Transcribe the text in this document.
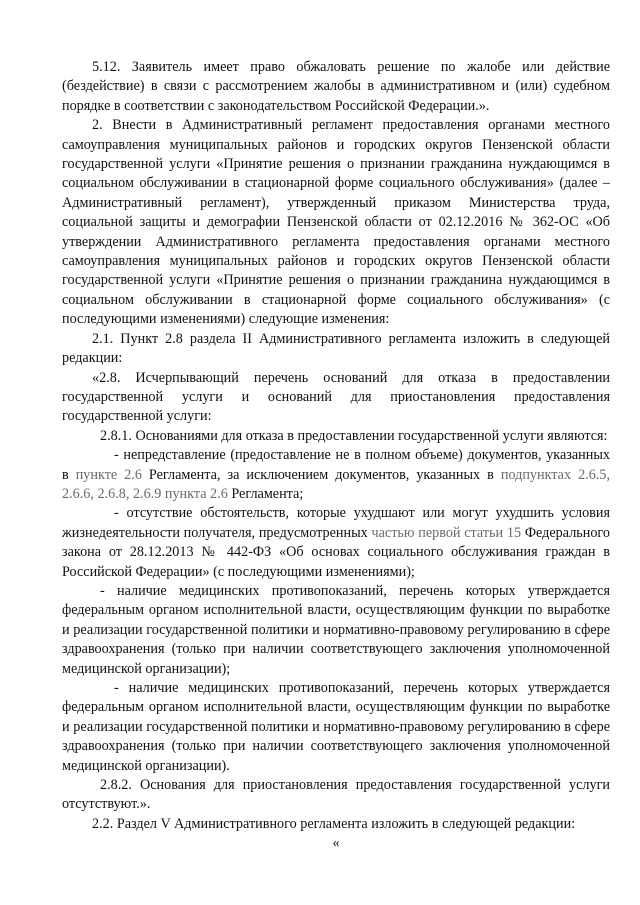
5.12. Заявитель имеет право обжаловать решение по жалобе или действие (бездействие) в связи с рассмотрением жалобы в административном и (или) судебном порядке в соответствии с законодательством Российской Федерации.».

2. Внести в Административный регламент предоставления органами местного самоуправления муниципальных районов и городских округов Пензенской области государственной услуги «Принятие решения о признании гражданина нуждающимся в социальном обслуживании в стационарной форме социального обслуживания» (далее – Административный регламент), утвержденный приказом Министерства труда, социальной защиты и демографии Пензенской области от 02.12.2016 № 362-ОС «Об утверждении Административного регламента предоставления органами местного самоуправления муниципальных районов и городских округов Пензенской области государственной услуги «Принятие решения о признании гражданина нуждающимся в социальном обслуживании в стационарной форме социального обслуживания» (с последующими изменениями) следующие изменения:

2.1. Пункт 2.8 раздела II Административного регламента изложить в следующей редакции:

«2.8. Исчерпывающий перечень оснований для отказа в предоставлении государственной услуги и оснований для приостановления предоставления государственной услуги:

2.8.1. Основаниями для отказа в предоставлении государственной услуги являются:

- непредставление (предоставление не в полном объеме) документов, указанных в пункте 2.6 Регламента, за исключением документов, указанных в подпунктах 2.6.5, 2.6.6, 2.6.8, 2.6.9 пункта 2.6 Регламента;

- отсутствие обстоятельств, которые ухудшают или могут ухудшить условия жизнедеятельности получателя, предусмотренных частью первой статьи 15 Федерального закона от 28.12.2013 № 442-ФЗ «Об основах социального обслуживания граждан в Российской Федерации» (с последующими изменениями);

- наличие медицинских противопоказаний, перечень которых утверждается федеральным органом исполнительной власти, осуществляющим функции по выработке и реализации государственной политики и нормативно-правовому регулированию в сфере здравоохранения (только при наличии соответствующего заключения уполномоченной медицинской организации);

- наличие медицинских противопоказаний, перечень которых утверждается федеральным органом исполнительной власти, осуществляющим функции по выработке и реализации государственной политики и нормативно-правовому регулированию в сфере здравоохранения (только при наличии соответствующего заключения уполномоченной медицинской организации).

2.8.2. Основания для приостановления предоставления государственной услуги отсутствуют.».

2.2. Раздел V Административного регламента изложить в следующей редакции:

«
